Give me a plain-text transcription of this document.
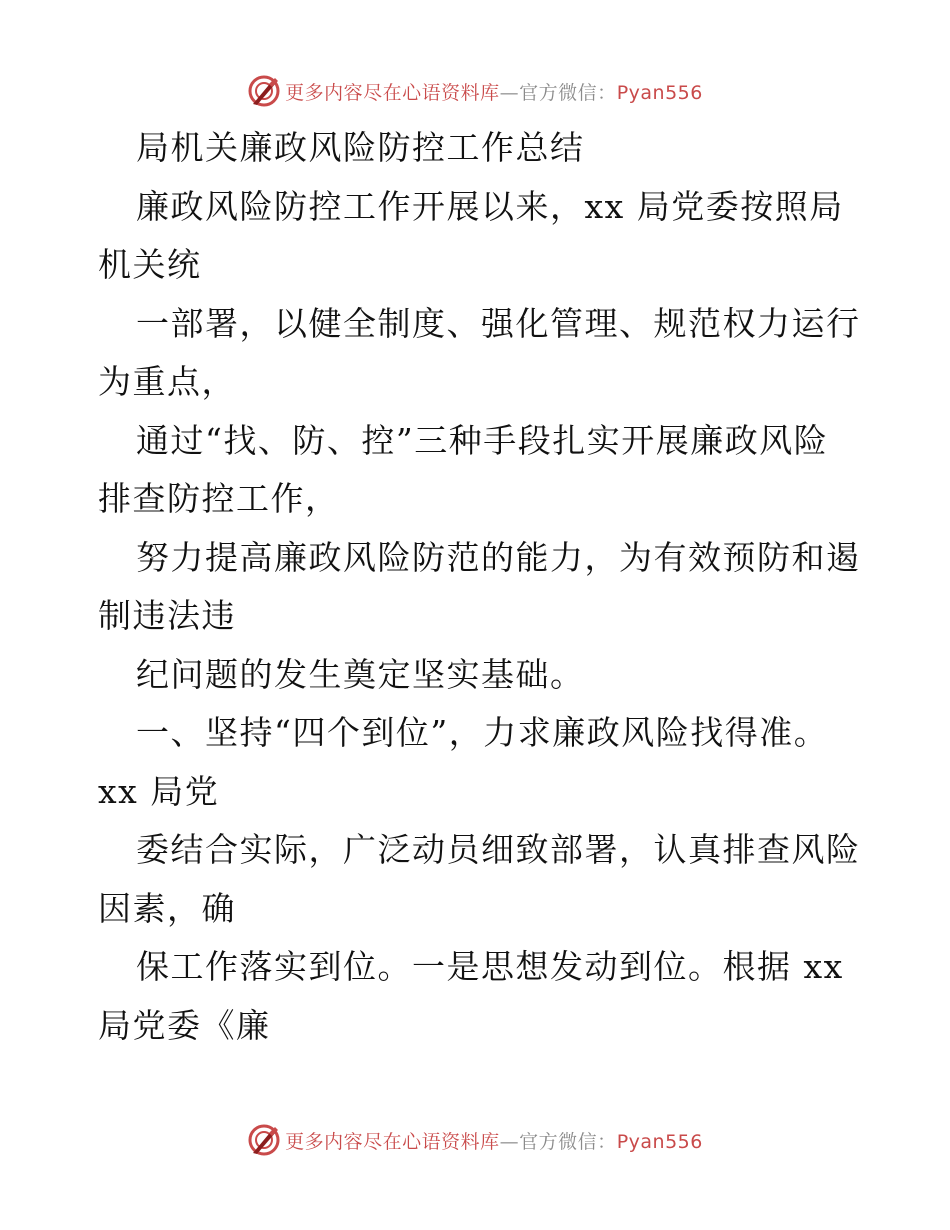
更多内容尽在心语资料库—官方微信：Pyan556
局机关廉政风险防控工作总结
廉政风险防控工作开展以来，xx 局党委按照局
机关统
一部署，以健全制度、强化管理、规范权力运行
为重点，
通过“找、防、控”三种手段扎实开展廉政风险
排查防控工作，
努力提高廉政风险防范的能力，为有效预防和遏
制违法违
纪问题的发生奠定坚实基础。
一、坚持“四个到位”，力求廉政风险找得准。
xx 局党
委结合实际，广泛动员细致部署，认真排查风险
因素，确
保工作落实到位。一是思想发动到位。根据 xx
局党委《廉
更多内容尽在心语资料库—官方微信：Pyan556
